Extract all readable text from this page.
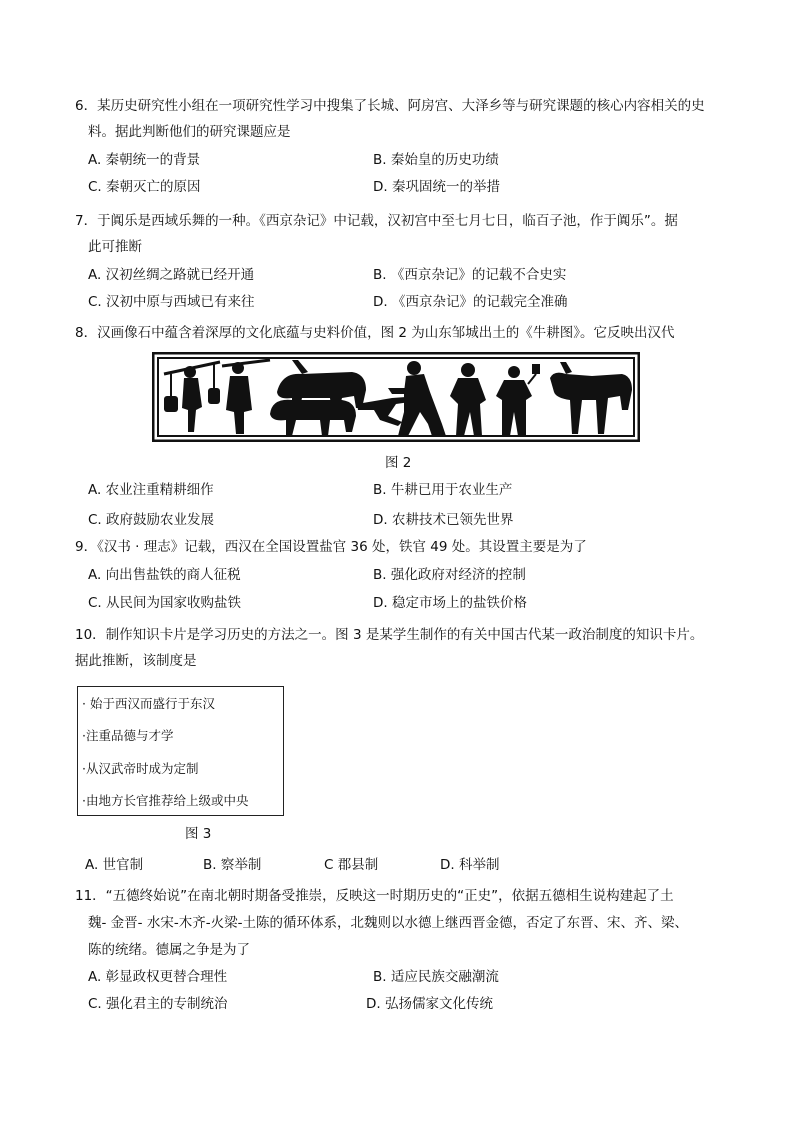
6．某历史研究性小组在一项研究性学习中搜集了长城、阿房宫、大泽乡等与研究课题的核心内容相关的史
料。据此判断他们的研究课题应是
A. 秦朝统一的背景	B. 秦始皇的历史功绩
C. 秦朝灭亡的原因	D. 秦巩固统一的举措
7．于阗乐是西域乐舞的一种。《西京杂记》中记载，汉初宫中至七月七日，临百子池，作于阗乐”。据
此可推断
A. 汉初丝绸之路就已经开通	B. 《西京杂记》的记载不合史实
C. 汉初中原与西域已有来往	D. 《西京杂记》的记载完全准确
8．汉画像石中蕴含着深厚的文化底蕴与史料价值，图 2 为山东邹城出土的《牛耕图》。它反映出汉代
图 2
A. 农业注重精耕细作	B. 牛耕已用于农业生产
C. 政府鼓励农业发展	D. 农耕技术已领先世界
9．《汉书 · 理志》记载，西汉在全国设置盐官 36 处，铁官 49 处。其设置主要是为了
A. 向出售盐铁的商人征税	B. 强化政府对经济的控制
C. 从民间为国家收购盐铁	D. 稳定市场上的盐铁价格
10．制作知识卡片是学习历史的方法之一。图 3 是某学生制作的有关中国古代某一政治制度的知识卡片。
据此推断，该制度是
· 始于西汉而盛行于东汉
·注重品德与才学
·从汉武帝时成为定制
·由地方长官推荐给上级或中央
图 3
A. 世官制	B. 察举制	C 郡县制	D. 科举制
11．“五德终始说”在南北朝时期备受推崇，反映这一时期历史的“正史”，依据五德相生说构建起了土
魏- 金晋- 水宋-木齐-火梁-土陈的循环体系，北魏则以水德上继西晋金德，否定了东晋、宋、齐、梁、
陈的统绪。德属之争是为了
A. 彰显政权更替合理性	B. 适应民族交融潮流
C. 强化君主的专制统治	D. 弘扬儒家文化传统
